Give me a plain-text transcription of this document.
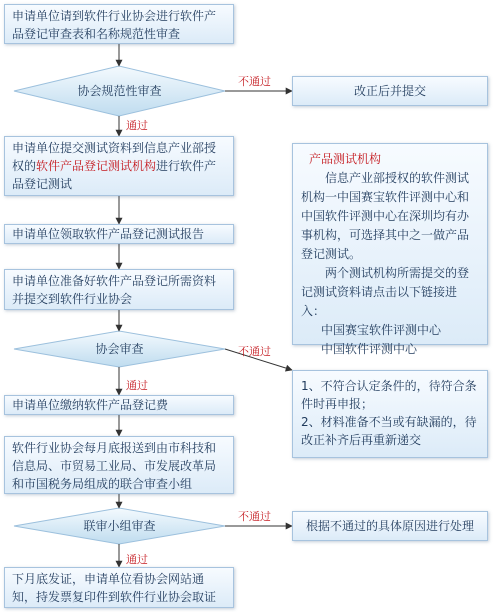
申请单位请到软件行业协会进行软件产品登记审查表和名称规范性审查
协会规范性审查
通过
不通过
申请单位提交测试资料到信息产业部授权的软件产品登记测试机构进行软件产品登记测试
申请单位领取软件产品登记测试报告
申请单位准备好软件产品登记所需资料并提交到软件行业协会
协会审查
通过
不通过
申请单位缴纳软件产品登记费
软件行业协会每月底报送到由市科技和信息局、市贸易工业局、市发展改革局和市国税务局组成的联合审查小组
联审小组审查
通过
不通过
下月底发证，申请单位看协会网站通知，持发票复印件到软件行业协会取证
改正后并提交
产品测试机构
信息产业部授权的软件测试机构一中国赛宝软件评测中心和中国软件评测中心在深圳均有办事机构，可选择其中之一做产品登记测试。
两个测试机构所需提交的登记测试资料请点击以下链接进入：
中国赛宝软件评测中心
中国软件评测中心
1、不符合认定条件的，待符合条件时再申报；
2、材料准备不当或有缺漏的，待改正补齐后再重新递交
根据不通过的具体原因进行处理
